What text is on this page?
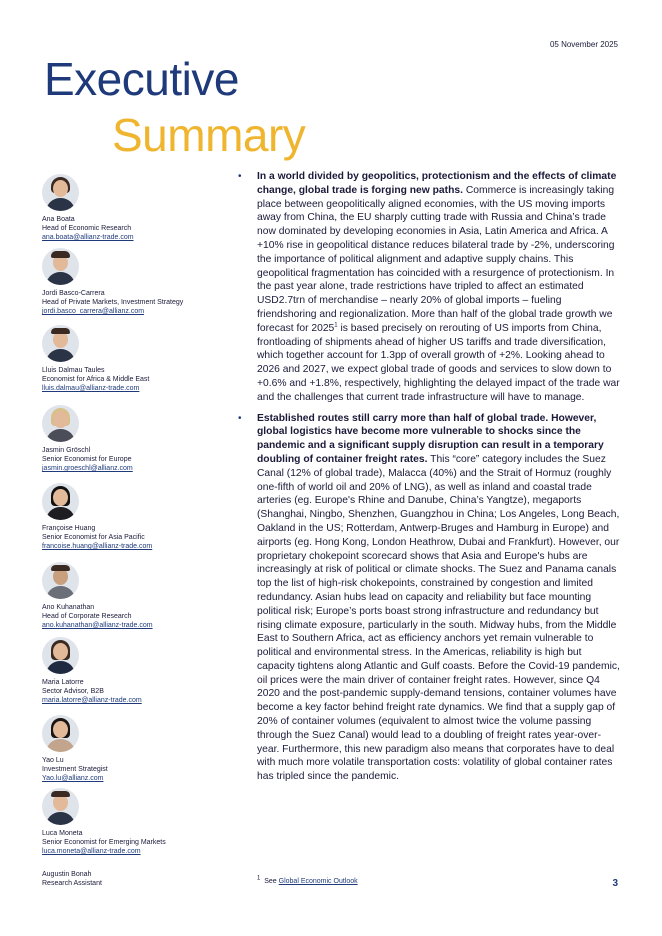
05 November 2025
Executive
Summary
Ana Boata
Head of Economic Research
ana.boata@allianz-trade.com
Jordi Basco-Carrera
Head of Private Markets, Investment Strategy
jordi.basco_carrera@allianz.com
Lluis Dalmau Taules
Economist for Africa & Middle East
lluis.dalmau@allianz-trade.com
Jasmin Gröschl
Senior Economist for Europe
jasmin.groeschl@allianz.com
Françoise Huang
Senior Economist for Asia Pacific
francoise.huang@allianz-trade.com
Ano Kuhanathan
Head of Corporate Research
ano.kuhanathan@allianz-trade.com
Maria Latorre
Sector Advisor, B2B
maria.latorre@allianz-trade.com
Yao Lu
Investment Strategist
Yao.lu@allianz.com
Luca Moneta
Senior Economist for Emerging Markets
luca.moneta@allianz-trade.com
Augustin Bonah
Research Assistant
• In a world divided by geopolitics, protectionism and the effects of climate change, global trade is forging new paths. Commerce is increasingly taking place between geopolitically aligned economies, with the US moving imports away from China, the EU sharply cutting trade with Russia and China’s trade now dominated by developing economies in Asia, Latin America and Africa. A +10% rise in geopolitical distance reduces bilateral trade by -2%, underscoring the importance of political alignment and adaptive supply chains. This geopolitical fragmentation has coincided with a resurgence of protectionism. In the past year alone, trade restrictions have tripled to affect an estimated USD2.7trn of merchandise – nearly 20% of global imports – fueling friendshoring and regionalization. More than half of the global trade growth we forecast for 2025$^1$ is based precisely on rerouting of US imports from China, frontloading of shipments ahead of higher US tariffs and trade diversification, which together account for 1.3pp of overall growth of +2%. Looking ahead to 2026 and 2027, we expect global trade of goods and services to slow down to +0.6% and +1.8%, respectively, highlighting the delayed impact of the trade war and the challenges that current trade infrastructure will have to manage.
• Established routes still carry more than half of global trade. However, global logistics have become more vulnerable to shocks since the pandemic and a significant supply disruption can result in a temporary doubling of container freight rates. This “core” category includes the Suez Canal (12% of global trade), Malacca (40%) and the Strait of Hormuz (roughly one-fifth of world oil and 20% of LNG), as well as inland and coastal trade arteries (eg. Europe's Rhine and Danube, China’s Yangtze), megaports (Shanghai, Ningbo, Shenzhen, Guangzhou in China; Los Angeles, Long Beach, Oakland in the US; Rotterdam, Antwerp-Bruges and Hamburg in Europe) and airports (eg. Hong Kong, London Heathrow, Dubai and Frankfurt). However, our proprietary chokepoint scorecard shows that Asia and Europe's hubs are increasingly at risk of political or climate shocks. The Suez and Panama canals top the list of high-risk chokepoints, constrained by congestion and limited redundancy. Asian hubs lead on capacity and reliability but face mounting political risk; Europe’s ports boast strong infrastructure and redundancy but rising climate exposure, particularly in the south. Midway hubs, from the Middle East to Southern Africa, act as efficiency anchors yet remain vulnerable to political and environmental stress. In the Americas, reliability is high but capacity tightens along Atlantic and Gulf coasts. Before the Covid-19 pandemic, oil prices were the main driver of container freight rates. However, since Q4 2020 and the post-pandemic supply-demand tensions, container volumes have become a key factor behind freight rate dynamics. We find that a supply gap of 20% of container volumes (equivalent to almost twice the volume passing through the Suez Canal) would lead to a doubling of freight rates year-over-year. Furthermore, this new paradigm also means that corporates have to deal with much more volatile transportation costs: volatility of global container rates has tripled since the pandemic.
$^1$ See Global Economic Outlook	3
